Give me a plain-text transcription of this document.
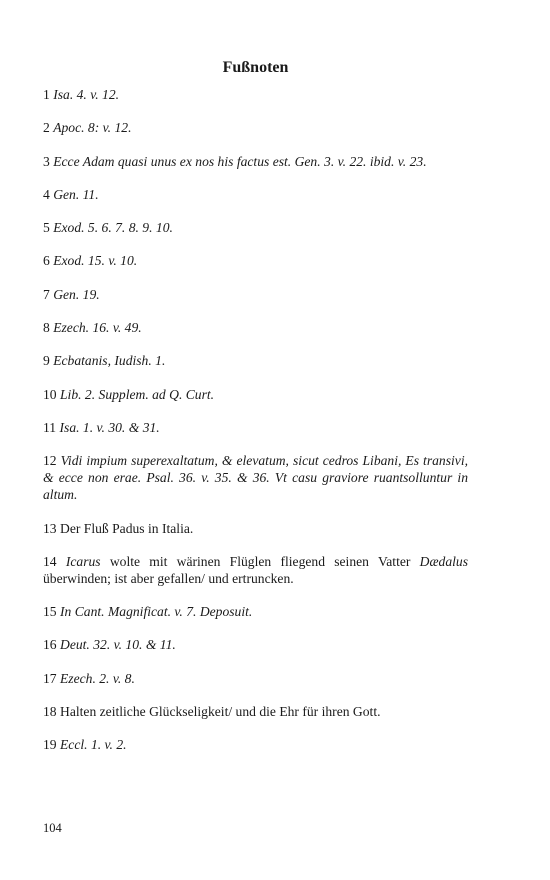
Fußnoten
1 Isa. 4. v. 12.
2 Apoc. 8: v. 12.
3 Ecce Adam quasi unus ex nos his factus est. Gen. 3. v. 22. ibid. v. 23.
4 Gen. 11.
5 Exod. 5. 6. 7. 8. 9. 10.
6 Exod. 15. v. 10.
7 Gen. 19.
8 Ezech. 16. v. 49.
9 Ecbatanis, Iudish. 1.
10 Lib. 2. Supplem. ad Q. Curt.
11 Isa. 1. v. 30. & 31.
12 Vidi impium superexaltatum, & elevatum, sicut cedros Libani, Es transivi, & ecce non erae. Psal. 36. v. 35. & 36. Vt casu graviore ruantsolluntur in altum.
13 Der Fluß Padus in Italia.
14 Icarus wolte mit wärinen Flüglen fliegend seinen Vatter Dædalus überwinden; ist aber gefallen/ und ertruncken.
15 In Cant. Magnificat. v. 7. Deposuit.
16 Deut. 32. v. 10. & 11.
17 Ezech. 2. v. 8.
18 Halten zeitliche Glückseligkeit/ und die Ehr für ihren Gott.
19 Eccl. 1. v. 2.
104
